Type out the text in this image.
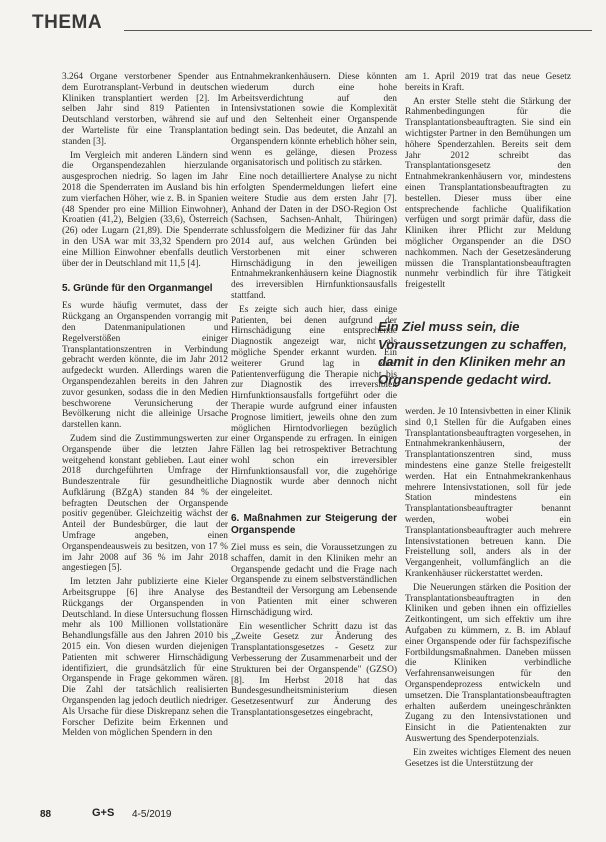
THEMA

3.264 Organe verstorbener Spender aus dem Eurotransplant-Verbund in deutschen Kliniken transplantiert werden [2]. Im selben Jahr sind 819 Patienten in Deutschland verstorben, während sie auf der Warteliste für eine Transplantation standen [3].

Im Vergleich mit anderen Ländern sind die Organspendezahlen hierzulande ausgesprochen niedrig. So lagen im Jahr 2018 die Spenderraten im Ausland bis hin zum vierfachen Höher, wie z. B. in Spanien (48 Spender pro eine Million Einwohner), Kroatien (41,2), Belgien (33,6), Österreich (26) oder Lugarn (21,89). Die Spenderrate in den USA war mit 33,32 Spendern pro eine Million Einwohner ebenfalls deutlich über der in Deutschland mit 11,5 [4].

5. Gründe für den Organmangel

Es wurde häufig vermutet, dass der Rückgang an Organspenden vorrangig mit den Datenmanipulationen und Regelverstößen einiger Transplantationszentren in Verbindung gebracht werden könnte, die im Jahr 2012 aufgedeckt wurden. Allerdings waren die Organspendezahlen bereits in den Jahren zuvor gesunken, sodass die in den Medien beschworene Verunsicherung der Bevölkerung nicht die alleinige Ursache darstellen kann.

Zudem sind die Zustimmungswerten zur Organspende über die letzten Jahre weitgehend konstant geblieben. Laut einer 2018 durchgeführten Umfrage der Bundeszentrale für gesundheitliche Aufklärung (BZgA) standen 84 % der befragten Deutschen der Organspende positiv gegenüber. Gleichzeitig wächst der Anteil der Bundesbürger, die laut der Umfrage angeben, einen Organspendeausweis zu besitzen, von 17 % im Jahr 2008 auf 36 % im Jahr 2018 angestiegen [5].

Im letzten Jahr publizierte eine Kieler Arbeitsgruppe [6] ihre Analyse des Rückgangs der Organspenden in Deutschland. In diese Untersuchung flossen mehr als 100 Millionen vollstationäre Behandlungsfälle aus den Jahren 2010 bis 2015 ein. Von diesen wurden diejenigen Patienten mit schwerer Hirnschädigung identifiziert, die grundsätzlich für eine Organspende in Frage gekommen wären. Die Zahl der tatsächlich realisierten Organspenden lag jedoch deutlich niedriger. Als Ursache für diese Diskrepanz sehen die Forscher Defizite beim Erkennen und Melden von möglichen Spendern in den

Entnahmekrankenhäusern. Diese könnten wiederum durch eine hohe Arbeitsverdichtung auf den Intensivstationen sowie die Komplexität und den Seltenheit einer Organspende bedingt sein. Das bedeutet, die Anzahl an Organspendern könnte erheblich höher sein, wenn es gelänge, diesen Prozess organisatorisch und politisch zu stärken.

Eine noch detailliertere Analyse zu nicht erfolgten Spendermeldungen liefert eine weitere Studie aus dem ersten Jahr [7]. Anhand der Daten in der DSO-Region Ost (Sachsen, Sachsen-Anhalt, Thüringen) schlussfolgern die Mediziner für das Jahr 2014 auf, aus welchen Gründen bei Verstorbenen mit einer schweren Hirnschädigung in den jeweiligen Entnahmekrankenhäusern keine Diagnostik des irreversiblen Hirnfunktionsausfalls stattfand.

Es zeigte sich auch hier, dass einige Patienten, bei denen aufgrund der Hirnschädigung eine entsprechende Diagnostik angezeigt war, nicht als mögliche Spender erkannt wurden. Ein weiterer Grund lag in einer Patientenverfügung die Therapie nicht bis zur Diagnostik des irreversiblen Hirnfunktionsausfalls fortgeführt oder die Therapie wurde aufgrund einer infausten Prognose limitiert, jeweils ohne den zum möglichen Hirntodvorliegen bezüglich einer Organspende zu erfragen. In einigen Fällen lag bei retrospektiver Betrachtung wohl schon ein irreversibler Hirnfunktionsausfall vor, die zugehörige Diagnostik wurde aber dennoch nicht eingeleitet.

6. Maßnahmen zur Steigerung der Organspende

Ziel muss es sein, die Voraussetzungen zu schaffen, damit in den Kliniken mehr an Organspende gedacht und die Frage nach Organspende zu einem selbstverständlichen Bestandteil der Versorgung am Lebensende von Patienten mit einer schweren Hirnschädigung wird.

Ein wesentlicher Schritt dazu ist das „Zweite Gesetz zur Änderung des Transplantationsgesetzes - Gesetz zur Verbesserung der Zusammenarbeit und der Strukturen bei der Organspende" (GZSO) [8]. Im Herbst 2018 hat das Bundesgesundheitsministerium diesen Gesetzesentwurf zur Änderung des Transplantationsgesetzes eingebracht,

am 1. April 2019 trat das neue Gesetz bereits in Kraft.

An erster Stelle steht die Stärkung der Rahmenbedingungen für die Transplantationsbeauftragten. Sie sind ein wichtigster Partner in den Bemühungen um höhere Spenderzahlen. Bereits seit dem Jahr 2012 schreibt das Transplantationsgesetz den Entnahmekrankenhäusern vor, mindestens einen Transplantationsbeauftragten zu bestellen. Dieser muss über eine entsprechende fachliche Qualifikation verfügen und sorgt primär dafür, dass die Kliniken ihrer Pflicht zur Meldung möglicher Organspender an die DSO nachkommen. Nach der Gesetzesänderung müssen die Transplantationsbeauftragten nunmehr verbindlich für ihre Tätigkeit freigestellt

Ein Ziel muss sein, die Voraussetzungen zu schaffen, damit in den Kliniken mehr an Organspende gedacht wird.

werden. Je 10 Intensivbetten in einer Klinik sind 0,1 Stellen für die Aufgaben eines Transplantationsbeauftragten vorgesehen, in Entnahmekrankenhäusern, der Transplantationszentren sind, muss mindestens eine ganze Stelle freigestellt werden. Hat ein Entnahmekrankenhaus mehrere Intensivstationen, soll für jede Station mindestens ein Transplantationsbeauftragter benannt werden, wobei ein Transplantationsbeauftragter auch mehrere Intensivstationen betreuen kann. Die Freistellung soll, anders als in der Vergangenheit, vollumfänglich an die Krankenhäuser rückerstattet werden.

Die Neuerungen stärken die Position der Transplantationsbeauftragten in den Kliniken und geben ihnen ein offizielles Zeitkontingent, um sich effektiv um ihre Aufgaben zu kümmern, z. B. im Ablauf einer Organspende oder für fachspezifische Fortbildungsmaßnahmen. Daneben müssen die Kliniken verbindliche Verfahrensanweisungen für den Organspendeprozess entwickeln und umsetzen. Die Transplantationsbeauftragten erhalten außerdem uneingeschränkten Zugang zu den Intensivstationen und Einsicht in die Patientenakten zur Auswertung des Spenderpotenzials.

Ein zweites wichtiges Element des neuen Gesetzes ist die Unterstützung der

88	G+S 4-5/2019
